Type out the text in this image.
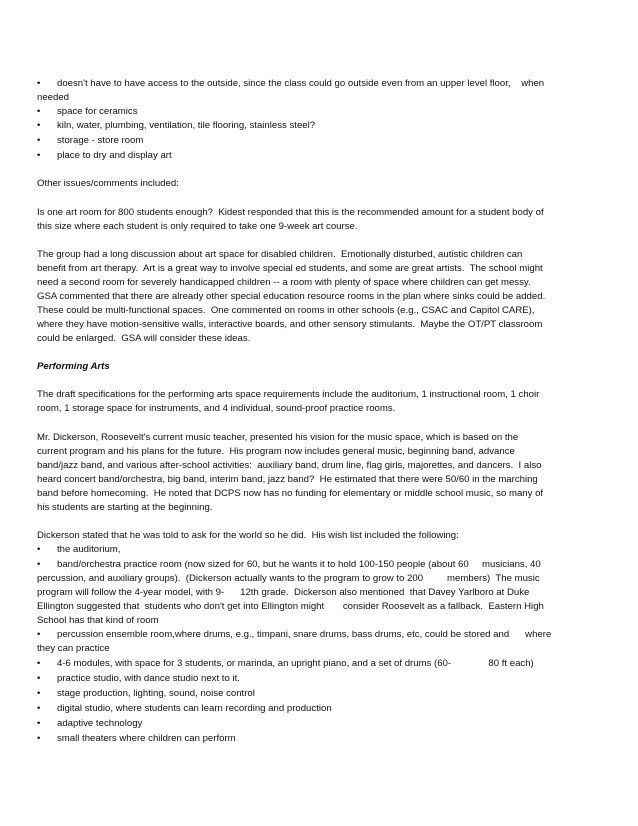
•

doesn't have to have access to the outside, since the class could go outside even from an upper level floor,    when

needed

•

space for ceramics

•

kiln, water, plumbing, ventilation, tile flooring, stainless steel?

•

storage - store room

•

place to dry and display art

Other issues/comments included:
Is one art room for 800 students enough?  Kidest responded that this is the recommended amount for a student body of
this size where each student is only required to take one 9-week art course.
The group had a long discussion about art space for disabled children.  Emotionally disturbed, autistic children can
benefit from art therapy.  Art is a great way to involve special ed students, and some are great artists.  The school might
need a second room for severely handicapped children -- a room with plenty of space where children can get messy.
GSA commented that there are already other special education resource rooms in the plan where sinks could be added.
These could be multi-functional spaces.  One commented on rooms in other schools (e.g., CSAC and Capitol CARE),
where they have motion-sensitive walls, interactive boards, and other sensory stimulants.  Maybe the OT/PT classroom
could be enlarged.  GSA will consider these ideas.
Performing Arts
The draft specifications for the performing arts space requirements include the auditorium, 1 instructional room, 1 choir
room, 1 storage space for instruments, and 4 individual, sound-proof practice rooms.
Mr. Dickerson, Roosevelt's current music teacher, presented his vision for the music space, which is based on the
current program and his plans for the future.  His program now includes general music, beginning band, advance
band/jazz band, and various after-school activities:  auxiliary band, drum line, flag girls, majorettes, and dancers.  I also
heard concert band/orchestra, big band, interim band, jazz band?  He estimated that there were 50/60 in the marching
band before homecoming.  He noted that DCPS now has no funding for elementary or middle school music, so many of
his students are starting at the beginning.
Dickerson stated that he was told to ask for the world so he did.  His wish list included the following:

•

the auditorium,

•

band/orchestra practice room (now sized for 60, but he wants it to hold 100-150 people (about 60     musicians, 40

percussion, and auxiliary groups).  (Dickerson actually wants to the program to grow to 200         members)  The music
program will follow the 4-year model, with 9-      12th grade.  Dickerson also mentioned  that Davey Yarlboro at Duke
Ellington suggested that  students who don't get into Ellington might       consider Roosevelt as a fallback.  Eastern High
School has that kind of room

•

percussion ensemble room,where drums, e.g., timpani, snare drums, bass drums, etc, could be stored and      where

they can practice

•

4-6 modules, with space for 3 students, or marinda, an upright piano, and a set of drums (60-              80 ft each)

•

practice studio, with dance studio next to it.

•

stage production, lighting, sound, noise control

•

digital studio, where students can learn recording and production

•

adaptive technology

•

small theaters where children can perform
